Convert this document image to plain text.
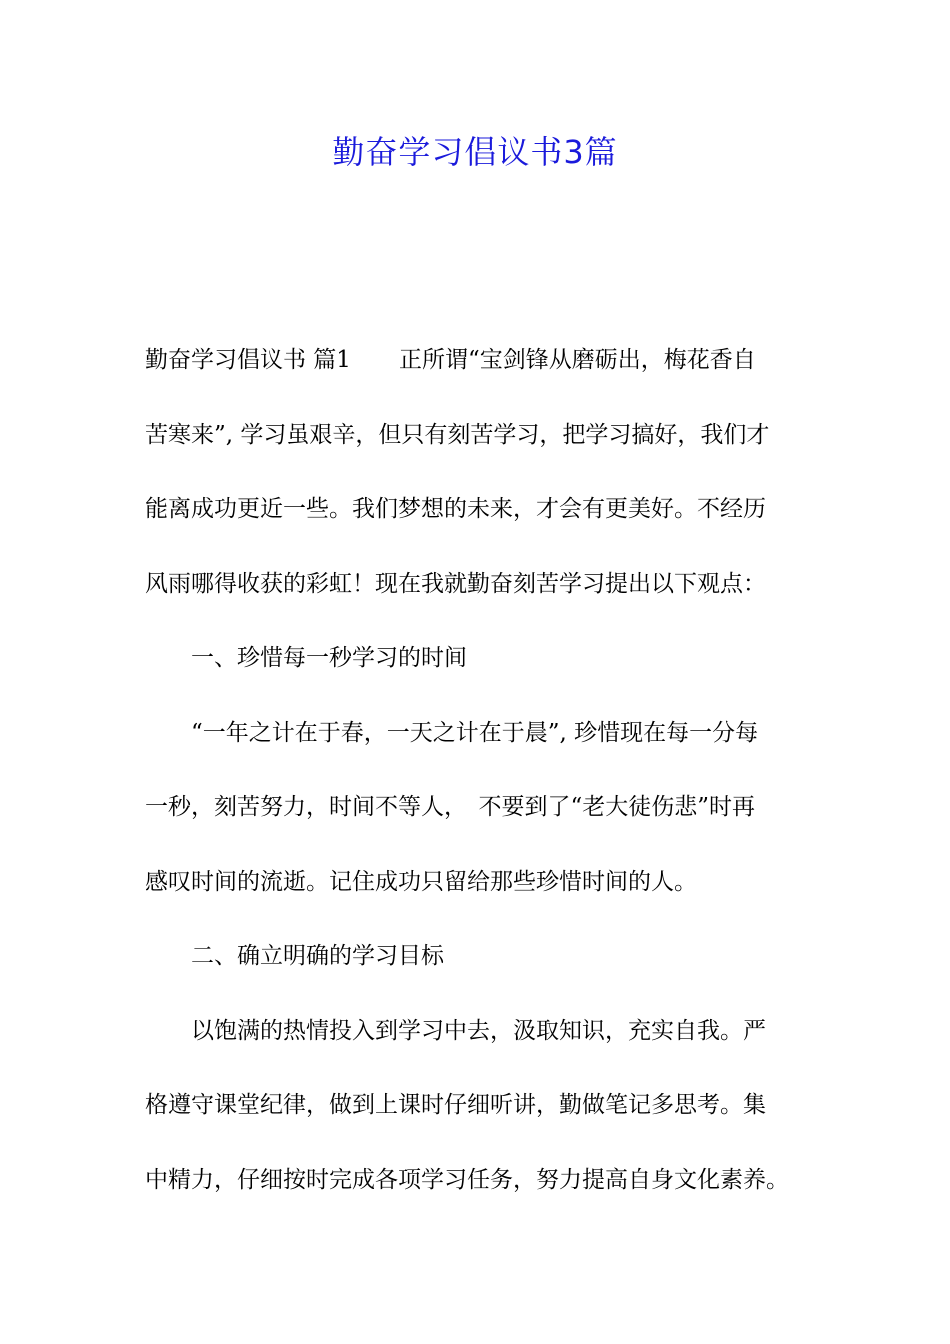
勤奋学习倡议书3篇
勤奋学习倡议书 篇1 正所谓“宝剑锋从磨砺出，梅花香自
苦寒来”, 学习虽艰辛，但只有刻苦学习，把学习搞好，我们才
能离成功更近一些。我们梦想的未来，才会有更美好。不经历
风雨哪得收获的彩虹！现在我就勤奋刻苦学习提出以下观点：
一、珍惜每一秒学习的时间
“一年之计在于春，一天之计在于晨”, 珍惜现在每一分每
一秒，刻苦努力，时间不等人，　不要到了“老大徒伤悲”时再
感叹时间的流逝。记住成功只留给那些珍惜时间的人。
二、确立明确的学习目标
以饱满的热情投入到学习中去，汲取知识，充实自我。严
格遵守课堂纪律，做到上课时仔细听讲，勤做笔记多思考。集
中精力，仔细按时完成各项学习任务，努力提高自身文化素养。
